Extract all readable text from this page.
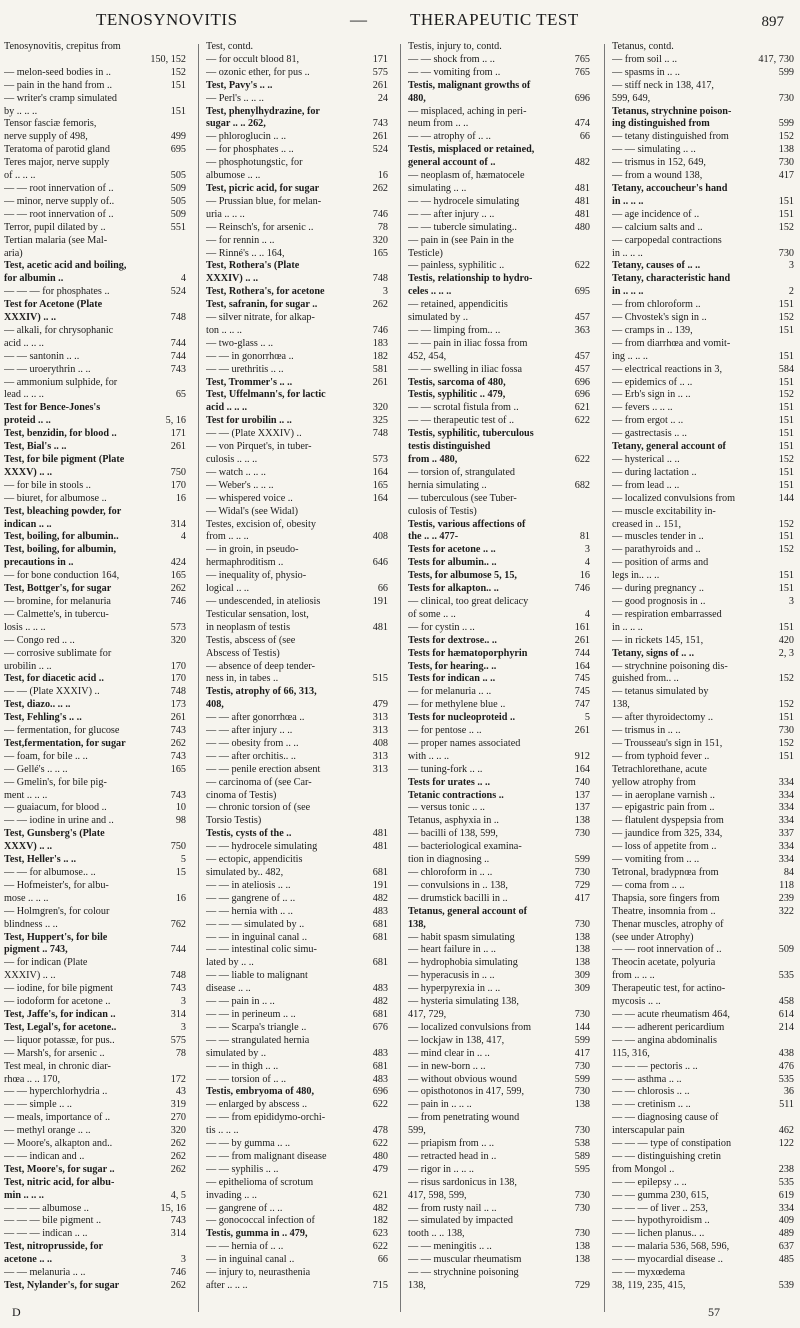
TENOSYNOVITIS	—	THERAPEUTIC TEST	897
Tenosynovitis, crepitus from
150, 152
— melon-seed bodies in ..	152
— pain in the hand from ..	151
— writer's cramp simulated
by .. .. ..	151
Tensor fasciæ femoris,
nerve supply of 498,	499
Teratoma of parotid gland	695
Teres major, nerve supply
of .. .. ..	505
— — root innervation of ..	509
— minor, nerve supply of..	505
— — root innervation of ..	509
Terror, pupil dilated by ..	551
Tertian malaria (see Mal-
aria)
Test, acetic acid and boiling,
for albumin ..	4
— — — for phosphates ..	524
Test for Acetone (Plate
XXXIV) .. ..	748
— alkali, for chrysophanic
acid .. .. ..	744
— — santonin .. ..	744
— — uroerythrin .. ..	743
— ammonium sulphide, for
lead .. .. ..	65
Test for Bence-Jones's
proteid .. ..	5, 16
Test, benzidin, for blood ..	171
Test, Bial's .. ..	261
Test, for bile pigment (Plate
XXXV) .. ..	750
— for bile in stools ..	170
— biuret, for albumose ..	16
Test, bleaching powder, for
indican .. ..	314
Test, boiling, for albumin..	4
Test, boiling, for albumin,
precautions in ..	424
— for bone conduction 164,	165
Test, Bottger's, for sugar	262
— bromine, for melanuria	746
— Calmette's, in tubercu-
losis .. .. ..	573
— Congo red .. ..	320
— corrosive sublimate for
urobilin .. ..	170
Test, for diacetic acid ..	170
— — (Plate XXXIV) ..	748
Test, diazo.. .. ..	173
Test, Fehling's .. ..	261
— fermentation, for glucose	743
Test,fermentation, for sugar	262
— foam, for bile .. ..	743
— Gellé's .. .. ..	165
— Gmelin's, for bile pig-
ment .. .. ..	743
— guaiacum, for blood ..	10
— — iodine in urine and ..	98
Test, Gunsberg's (Plate
XXXV) .. ..	750
Test, Heller's .. ..	5
— — for albumose.. ..	15
— Hofmeister's, for albu-
mose .. .. ..	16
— Holmgren's, for colour
blindness .. ..	762
Test, Huppert's, for bile
pigment .. 743,	744
— for indican (Plate
XXXIV) .. ..	748
— iodine, for bile pigment	743
— iodoform for acetone ..	3
Test, Jaffe's, for indican ..	314
Test, Legal's, for acetone..	3
— liquor potassæ, for pus..	575
— Marsh's, for arsenic ..	78
Test meal, in chronic diar-
rhœa .. .. 170,	172
— — hyperchlorhydria ..	43
— — simple .. ..	319
— meals, importance of ..	270
— methyl orange .. ..	320
— Moore's, alkapton and..	262
— — indican and ..	262
Test, Moore's, for sugar ..	262
Test, nitric acid, for albu-
min .. .. ..	4, 5
— — — albumose ..	15, 16
— — — bile pigment ..	743
— — — indican .. ..	314
Test, nitroprusside, for
acetone .. ..	3
— — melanuria .. ..	746
Test, Nylander's, for sugar	262
Test, contd.
— for occult blood 81,	171
— ozonic ether, for pus ..	575
Test, Pavy's .. ..	261
— Perl's .. .. ..	24
Test, phenylhydrazine, for
sugar .. .. 262,	743
— phloroglucin .. ..	261
— for phosphates .. ..	524
— phosphotungstic, for
albumose .. ..	16
Test, picric acid, for sugar	262
— Prussian blue, for melan-
uria .. .. ..	746
— Reinsch's, for arsenic ..	78
— for rennin .. ..	320
— Rinné's .. .. 164,	165
Test, Rothera's (Plate
XXXIV) .. ..	748
Test, Rothera's, for acetone	3
Test, safranin, for sugar ..	262
— silver nitrate, for alkap-
ton .. .. ..	746
— two-glass .. ..	183
— — in gonorrhœa ..	182
— — urethritis .. ..	581
Test, Trommer's .. ..	261
Test, Uffelmann's, for lactic
acid .. .. ..	320
Test for urobilin .. ..	325
— — (Plate XXXIV) ..	748
— von Pirquet's, in tuber-
culosis .. .. ..	573
— watch .. .. ..	164
— Weber's .. .. ..	165
— whispered voice ..	164
— Widal's (see Widal)
Testes, excision of, obesity
from .. .. ..	408
— in groin, in pseudo-
hermaphroditism ..	646
— inequality of, physio-
logical .. ..	66
— undescended, in ateliosis	191
Testicular sensation, lost,
in neoplasm of testis	481
Testis, abscess of (see
Abscess of Testis)
— absence of deep tender-
ness in, in tabes ..	515
Testis, atrophy of 66, 313,
408,	479
— — after gonorrhœa ..	313
— — after injury .. ..	313
— — obesity from .. ..	408
— — after orchitis.. ..	313
— — penile erection absent	313
— carcinoma of (see Car-
cinoma of Testis)
— chronic torsion of (see
Torsio Testis)
Testis, cysts of the ..	481
— — hydrocele simulating	481
— ectopic, appendicitis
simulated by.. 482,	681
— — in ateliosis .. ..	191
— — gangrene of .. ..	482
— — hernia with .. ..	483
— — — simulated by ..	681
— — in inguinal canal ..	681
— — intestinal colic simu-
lated by .. ..	681
— — liable to malignant
disease .. ..	483
— — pain in .. ..	482
— — in perineum .. ..	681
— — Scarpa's triangle ..	676
— — strangulated hernia
simulated by ..	483
— — in thigh .. ..	681
— — torsion of .. ..	483
Testis, embryoma of 480,	696
— enlarged by abscess ..	622
— — from epididymo-orchi-
tis .. .. ..	478
— — by gumma .. ..	622
— — from malignant disease	480
— — syphilis .. ..	479
— epithelioma of scrotum
invading .. ..	621
— gangrene of .. ..	482
— gonococcal infection of	182
Testis, gumma in .. 479,	623
— — hernia of .. ..	622
— in inguinal canal ..	66
— injury to, neurasthenia
after .. .. ..	715
Testis, injury to, contd.
— — shock from .. ..	765
— — vomiting from ..	765
Testis, malignant growths of
480,	696
— misplaced, aching in peri-
neum from .. ..	474
— — atrophy of .. ..	66
Testis, misplaced or retained,
general account of ..	482
— neoplasm of, hæmatocele
simulating .. ..	481
— — hydrocele simulating	481
— — after injury .. ..	481
— — tubercle simulating..	480
— pain in (see Pain in the
Testicle)
— painless, syphilitic ..	622
Testis, relationship to hydro-
celes .. .. ..	695
— retained, appendicitis
simulated by ..	457
— — limping from.. ..	363
— — pain in iliac fossa from
452, 454,	457
— — swelling in iliac fossa	457
Testis, sarcoma of 480,	696
Testis, syphilitic .. 479,	696
— — scrotal fistula from ..	621
— — therapeutic test of ..	622
Testis, syphilitic, tuberculous
testis distinguished
from .. 480,	622
— torsion of, strangulated
hernia simulating ..	682
— tuberculous (see Tuber-
culosis of Testis)
Testis, various affections of
the .. .. 477-	81
Tests for acetone .. ..	3
Tests for albumin.. ..	4
Tests, for albumose 5, 15,	16
Tests for alkapton.. ..	746
— clinical, too great delicacy
of some .. ..	4
— for cystin .. ..	161
Tests for dextrose.. ..	261
Tests for hæmatoporphyrin	744
Tests, for hearing.. ..	164
Tests for indican .. ..	745
— for melanuria .. ..	745
— for methylene blue ..	747
Tests for nucleoproteid ..	5
— for pentose .. ..	261
— proper names associated
with .. .. ..	912
— tuning-fork .. ..	164
Tests for urates .. ..	740
Tetanic contractions ..	137
— versus tonic .. ..	137
Tetanus, asphyxia in ..	138
— bacilli of 138, 599,	730
— bacteriological examina-
tion in diagnosing ..	599
— chloroform in .. ..	730
— convulsions in .. 138,	729
— drumstick bacilli in ..	417
Tetanus, general account of
138,	730
— habit spasm simulating	138
— heart failure in .. ..	138
— hydrophobia simulating	138
— hyperacusis in .. ..	309
— hyperpyrexia in .. ..	309
— hysteria simulating 138,
417, 729,	730
— localized convulsions from	144
— lockjaw in 138, 417,	599
— mind clear in .. ..	417
— in new-born .. ..	730
— without obvious wound	599
— opisthotonos in 417, 599,	730
— pain in .. .. ..	138
— from penetrating wound
599,	730
— priapism from .. ..	538
— retracted head in ..	589
— rigor in .. .. ..	595
— risus sardonicus in 138,
417, 598, 599,	730
— from rusty nail .. ..	730
— simulated by impacted
tooth .. .. 138,	730
— — meningitis .. ..	138
— — muscular rheumatism	138
— — strychnine poisoning
138,	729
Tetanus, contd.
— from soil .. ..	417, 730
— spasms in .. ..	599
— stiff neck in 138, 417,
599, 649,	730
Tetanus, strychnine poison-
ing distinguished from	599
— tetany distinguished from	152
— — simulating .. ..	138
— trismus in 152, 649,	730
— from a wound 138,	417
Tetany, accoucheur's hand
in .. .. ..	151
— age incidence of ..	151
— calcium salts and ..	152
— carpopedal contractions
in .. .. ..	730
Tetany, causes of .. ..	3
Tetany, characteristic hand
in .. .. ..	2
— from chloroform ..	151
— Chvostek's sign in ..	152
— cramps in .. 139,	151
— from diarrhœa and vomit-
ing .. .. ..	151
— electrical reactions in 3,	584
— epidemics of .. ..	151
— Erb's sign in .. ..	152
— fevers .. .. ..	151
— from ergot .. ..	151
— gastrectasis .. ..	151
Tetany, general account of	151
— hysterical .. ..	152
— during lactation ..	151
— from lead .. ..	151
— localized convulsions from	144
— muscle excitability in-
creased in .. 151,	152
— muscles tender in ..	151
— parathyroids and ..	152
— position of arms and
legs in.. .. ..	151
— during pregnancy ..	151
— good prognosis in ..	3
— respiration embarrassed
in .. .. ..	151
— in rickets 145, 151,	420
Tetany, signs of .. ..	2, 3
— strychnine poisoning dis-
guished from.. ..	152
— tetanus simulated by
138,	152
— after thyroidectomy ..	151
— trismus in .. ..	730
— Trousseau's sign in 151,	152
— from typhoid fever ..	151
Tetrachlorethane, acute
yellow atrophy from	334
— in aeroplane varnish ..	334
— epigastric pain from ..	334
— flatulent dyspepsia from	334
— jaundice from 325, 334,	337
— loss of appetite from ..	334
— vomiting from .. ..	334
Tetronal, bradypnœa from	84
— coma from .. ..	118
Thapsia, sore fingers from	239
Theatre, insomnia from ..	322
Thenar muscles, atrophy of
(see under Atrophy)
— — root innervation of ..	509
Theocin acetate, polyuria
from .. .. ..	535
Therapeutic test, for actino-
mycosis .. ..	458
— — acute rheumatism 464,	614
— — adherent pericardium	214
— — angina abdominalis
115, 316,	438
— — — pectoris .. ..	476
— — asthma .. ..	535
— — chlorosis .. ..	36
— — cretinism .. ..	511
— — diagnosing cause of
interscapular pain	462
— — — type of constipation	122
— — distinguishing cretin
from Mongol ..	238
— — epilepsy .. ..	535
— — gumma 230, 615,	619
— — — of liver .. 253,	334
— — hypothyroidism ..	409
— — lichen planus.. ..	489
— — malaria 536, 568, 596,	637
— — myocardial disease ..	485
— — myxœdema
38, 119, 235, 415,	539
D	57
